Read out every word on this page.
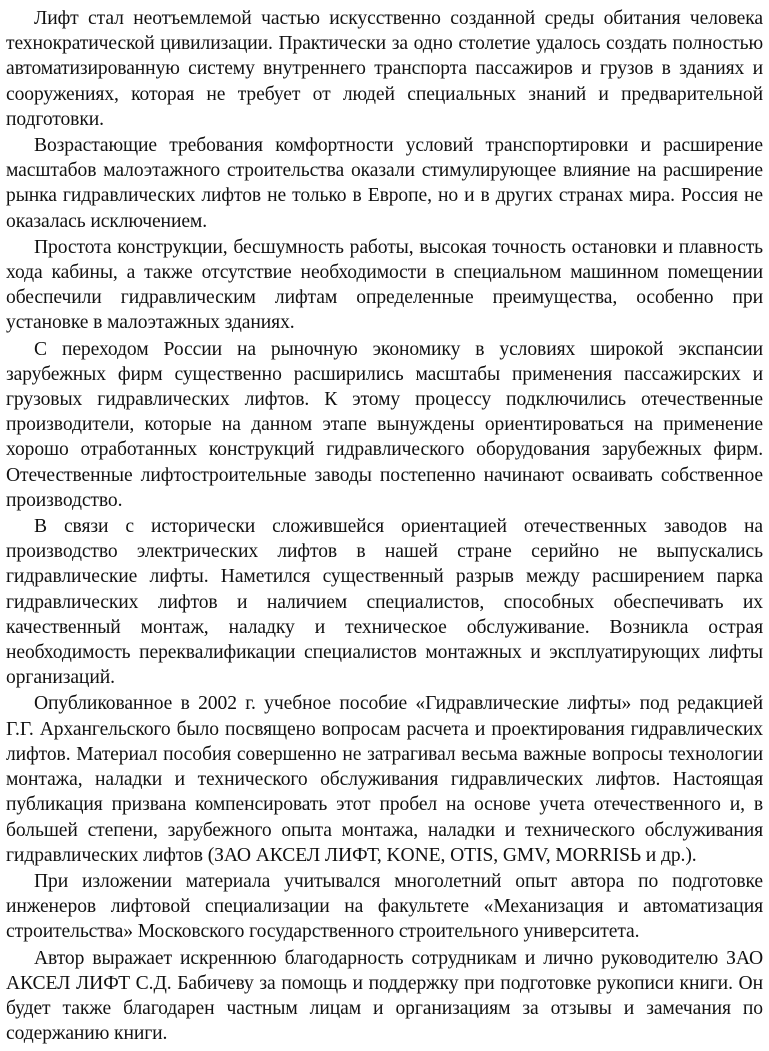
Лифт стал неотъемлемой частью искусственно созданной среды обитания человека технократической цивилизации. Практически за одно столетие удалось создать полностью автоматизированную систему внутреннего транспорта пассажиров и грузов в зданиях и сооружениях, которая не требует от людей специальных знаний и предварительной подготовки.

Возрастающие требования комфортности условий транспортировки и расширение масштабов малоэтажного строительства оказали стимулирующее влияние на расширение рынка гидравлических лифтов не только в Европе, но и в других странах мира. Россия не оказалась исключением.

Простота конструкции, бесшумность работы, высокая точность остановки и плавность хода кабины, а также отсутствие необходимости в специальном машинном помещении обеспечили гидравлическим лифтам определенные преимущества, особенно при установке в малоэтажных зданиях.

С переходом России на рыночную экономику в условиях широкой экспансии зарубежных фирм существенно расширились масштабы применения пассажирских и грузовых гидравлических лифтов. К этому процессу подключились отечественные производители, которые на данном этапе вынуждены ориентироваться на применение хорошо отработанных конструкций гидравлического оборудования зарубежных фирм. Отечественные лифтостроительные заводы постепенно начинают осваивать собственное производство.

В связи с исторически сложившейся ориентацией отечественных заводов на производство электрических лифтов в нашей стране серийно не выпускались гидравлические лифты. Наметился существенный разрыв между расширением парка гидравлических лифтов и наличием специалистов, способных обеспечивать их качественный монтаж, наладку и техническое обслуживание. Возникла острая необходимость переквалификации специалистов монтажных и эксплуатирующих лифты организаций.

Опубликованное в 2002 г. учебное пособие «Гидравлические лифты» под редакцией Г.Г. Архангельского было посвящено вопросам расчета и проектирования гидравлических лифтов. Материал пособия совершенно не затрагивал весьма важные вопросы технологии монтажа, наладки и технического обслуживания гидравлических лифтов. Настоящая публикация призвана компенсировать этот пробел на основе учета отечественного и, в большей степени, зарубежного опыта монтажа, наладки и технического обслуживания гидравлических лифтов (ЗАО АКСЕЛ ЛИФТ, KONE, OTIS, GMV, MORRISЬ и др.).

При изложении материала учитывался многолетний опыт автора по подготовке инженеров лифтовой специализации на факультете «Механизация и автоматизация строительства» Московского государственного строительного университета.

Автор выражает искреннюю благодарность сотрудникам и лично руководителю ЗАО АКСЕЛ ЛИФТ С.Д. Бабичеву за помощь и поддержку при подготовке рукописи книги. Он будет также благодарен частным лицам и организациям за отзывы и замечания по содержанию книги.
